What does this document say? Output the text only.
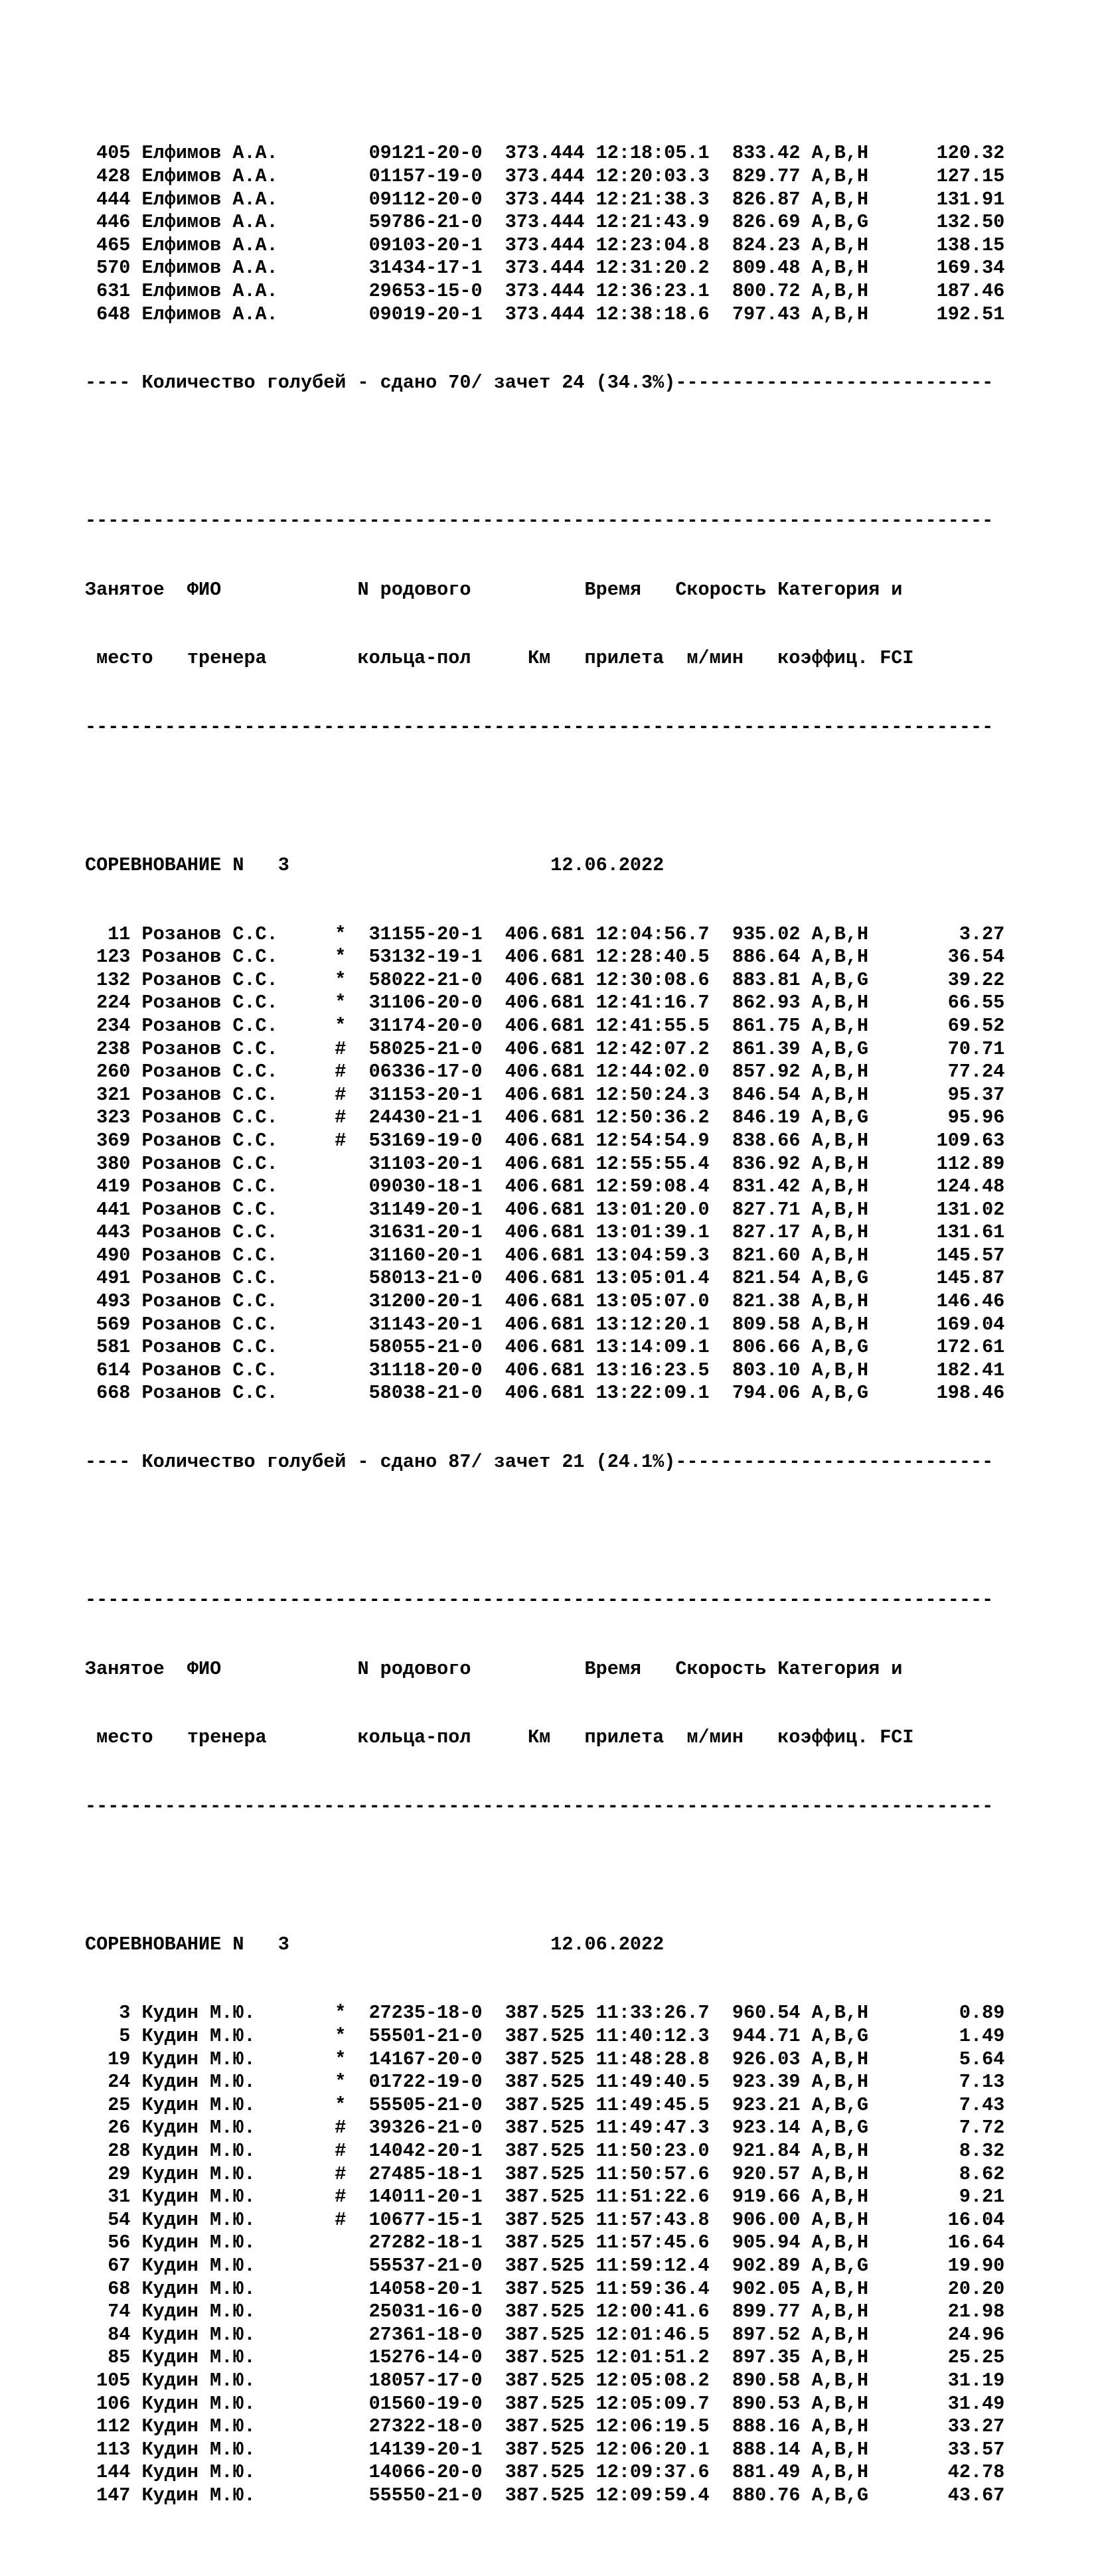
405 Елфимов А.А.        09121-20-0  373.444 12:18:05.1  833.42 A,B,H      120.32
428 Елфимов А.А.        01157-19-0  373.444 12:20:03.3  829.77 A,B,H      127.15
444 Елфимов А.А.        09112-20-0  373.444 12:21:38.3  826.87 A,B,H      131.91
446 Елфимов А.А.        59786-21-0  373.444 12:21:43.9  826.69 A,B,G      132.50
465 Елфимов А.А.        09103-20-1  373.444 12:23:04.8  824.23 A,B,H      138.15
570 Елфимов А.А.        31434-17-1  373.444 12:31:20.2  809.48 A,B,H      169.34
631 Елфимов А.А.        29653-15-0  373.444 12:36:23.1  800.72 A,B,H      187.46
648 Елфимов А.А.        09019-20-1  373.444 12:38:18.6  797.43 A,B,H      192.51

---- Количество голубей - сдано 70/ зачет 24 (34.3%)----------------------------

--------------------------------------------------------------------------------

Занятое  ФИО            N родового          Время   Скорость Категория и

место   тренера        кольца-пол     Км   прилета  м/мин   коэффиц. FCI

--------------------------------------------------------------------------------

СОРЕВНОВАНИЕ N   3                       12.06.2022

11 Розанов С.С.     *  31155-20-1  406.681 12:04:56.7  935.02 A,B,H        3.27
123 Розанов С.С.     *  53132-19-1  406.681 12:28:40.5  886.64 A,B,H       36.54
132 Розанов С.С.     *  58022-21-0  406.681 12:30:08.6  883.81 A,B,G       39.22
224 Розанов С.С.     *  31106-20-0  406.681 12:41:16.7  862.93 A,B,H       66.55
234 Розанов С.С.     *  31174-20-0  406.681 12:41:55.5  861.75 A,B,H       69.52
238 Розанов С.С.     #  58025-21-0  406.681 12:42:07.2  861.39 A,B,G       70.71
260 Розанов С.С.     #  06336-17-0  406.681 12:44:02.0  857.92 A,B,H       77.24
321 Розанов С.С.     #  31153-20-1  406.681 12:50:24.3  846.54 A,B,H       95.37
323 Розанов С.С.     #  24430-21-1  406.681 12:50:36.2  846.19 A,B,G       95.96
369 Розанов С.С.     #  53169-19-0  406.681 12:54:54.9  838.66 A,B,H      109.63
380 Розанов С.С.        31103-20-1  406.681 12:55:55.4  836.92 A,B,H      112.89
419 Розанов С.С.        09030-18-1  406.681 12:59:08.4  831.42 A,B,H      124.48
441 Розанов С.С.        31149-20-1  406.681 13:01:20.0  827.71 A,B,H      131.02
443 Розанов С.С.        31631-20-1  406.681 13:01:39.1  827.17 A,B,H      131.61
490 Розанов С.С.        31160-20-1  406.681 13:04:59.3  821.60 A,B,H      145.57
491 Розанов С.С.        58013-21-0  406.681 13:05:01.4  821.54 A,B,G      145.87
493 Розанов С.С.        31200-20-1  406.681 13:05:07.0  821.38 A,B,H      146.46
569 Розанов С.С.        31143-20-1  406.681 13:12:20.1  809.58 A,B,H      169.04
581 Розанов С.С.        58055-21-0  406.681 13:14:09.1  806.66 A,B,G      172.61
614 Розанов С.С.        31118-20-0  406.681 13:16:23.5  803.10 A,B,H      182.41
668 Розанов С.С.        58038-21-0  406.681 13:22:09.1  794.06 A,B,G      198.46

---- Количество голубей - сдано 87/ зачет 21 (24.1%)----------------------------

--------------------------------------------------------------------------------

Занятое  ФИО            N родового          Время   Скорость Категория и

место   тренера        кольца-пол     Км   прилета  м/мин   коэффиц. FCI

--------------------------------------------------------------------------------

СОРЕВНОВАНИЕ N   3                       12.06.2022

3 Кудин М.Ю.       *  27235-18-0  387.525 11:33:26.7  960.54 A,B,H        0.89
5 Кудин М.Ю.       *  55501-21-0  387.525 11:40:12.3  944.71 A,B,G        1.49
19 Кудин М.Ю.       *  14167-20-0  387.525 11:48:28.8  926.03 A,B,H        5.64
24 Кудин М.Ю.       *  01722-19-0  387.525 11:49:40.5  923.39 A,B,H        7.13
25 Кудин М.Ю.       *  55505-21-0  387.525 11:49:45.5  923.21 A,B,G        7.43
26 Кудин М.Ю.       #  39326-21-0  387.525 11:49:47.3  923.14 A,B,G        7.72
28 Кудин М.Ю.       #  14042-20-1  387.525 11:50:23.0  921.84 A,B,H        8.32
29 Кудин М.Ю.       #  27485-18-1  387.525 11:50:57.6  920.57 A,B,H        8.62
31 Кудин М.Ю.       #  14011-20-1  387.525 11:51:22.6  919.66 A,B,H        9.21
54 Кудин М.Ю.       #  10677-15-1  387.525 11:57:43.8  906.00 A,B,H       16.04
56 Кудин М.Ю.          27282-18-1  387.525 11:57:45.6  905.94 A,B,H       16.64
67 Кудин М.Ю.          55537-21-0  387.525 11:59:12.4  902.89 A,B,G       19.90
68 Кудин М.Ю.          14058-20-1  387.525 11:59:36.4  902.05 A,B,H       20.20
74 Кудин М.Ю.          25031-16-0  387.525 12:00:41.6  899.77 A,B,H       21.98
84 Кудин М.Ю.          27361-18-0  387.525 12:01:46.5  897.52 A,B,H       24.96
85 Кудин М.Ю.          15276-14-0  387.525 12:01:51.2  897.35 A,B,H       25.25
105 Кудин М.Ю.          18057-17-0  387.525 12:05:08.2  890.58 A,B,H       31.19
106 Кудин М.Ю.          01560-19-0  387.525 12:05:09.7  890.53 A,B,H       31.49
112 Кудин М.Ю.          27322-18-0  387.525 12:06:19.5  888.16 A,B,H       33.27
113 Кудин М.Ю.          14139-20-1  387.525 12:06:20.1  888.14 A,B,H       33.57
144 Кудин М.Ю.          14066-20-0  387.525 12:09:37.6  881.49 A,B,H       42.78
147 Кудин М.Ю.          55550-21-0  387.525 12:09:59.4  880.76 A,B,G       43.67
